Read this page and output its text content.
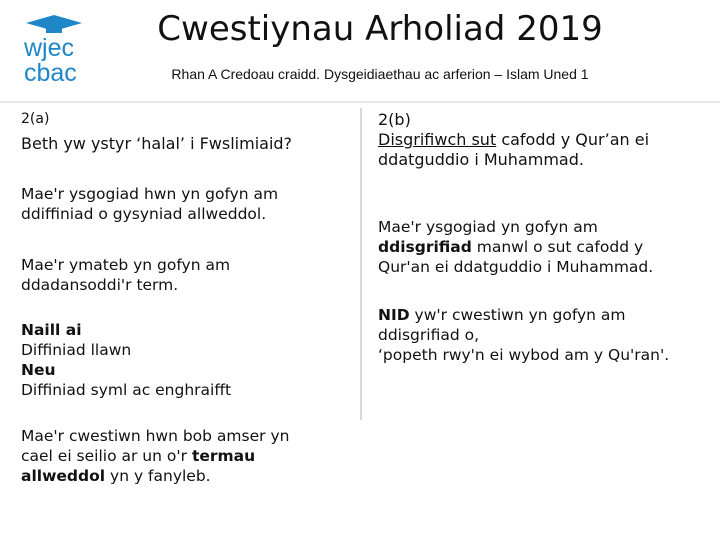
wjec
cbac
Cwestiynau Arholiad 2019
Rhan A Credoau craidd. Dysgeidiaethau ac arferion – Islam Uned 1

2(a)

Beth yw ystyr ‘halal’ i Fwslimiaid?

Mae'r ysgogiad hwn yn gofyn am
ddiffiniad o gysyniad allweddol.
Mae'r ymateb yn gofyn am
ddadansoddi'r term.
Naill ai
Diffiniad llawn
Neu
Diffiniad syml ac enghraifft
Mae'r cwestiwn hwn bob amser yn
cael ei seilio ar un o'r termau
allweddol yn y fanyleb.

2(b)

Disgrifiwch sut cafodd y Qur’an ei
ddatguddio i Muhammad.

Mae'r ysgogiad yn gofyn am
ddisgrifiad manwl o sut cafodd y
Qur'an ei ddatguddio i Muhammad.
NID yw'r cwestiwn yn gofyn am
ddisgrifiad o,
‘popeth rwy'n ei wybod am y Qu'ran'.
